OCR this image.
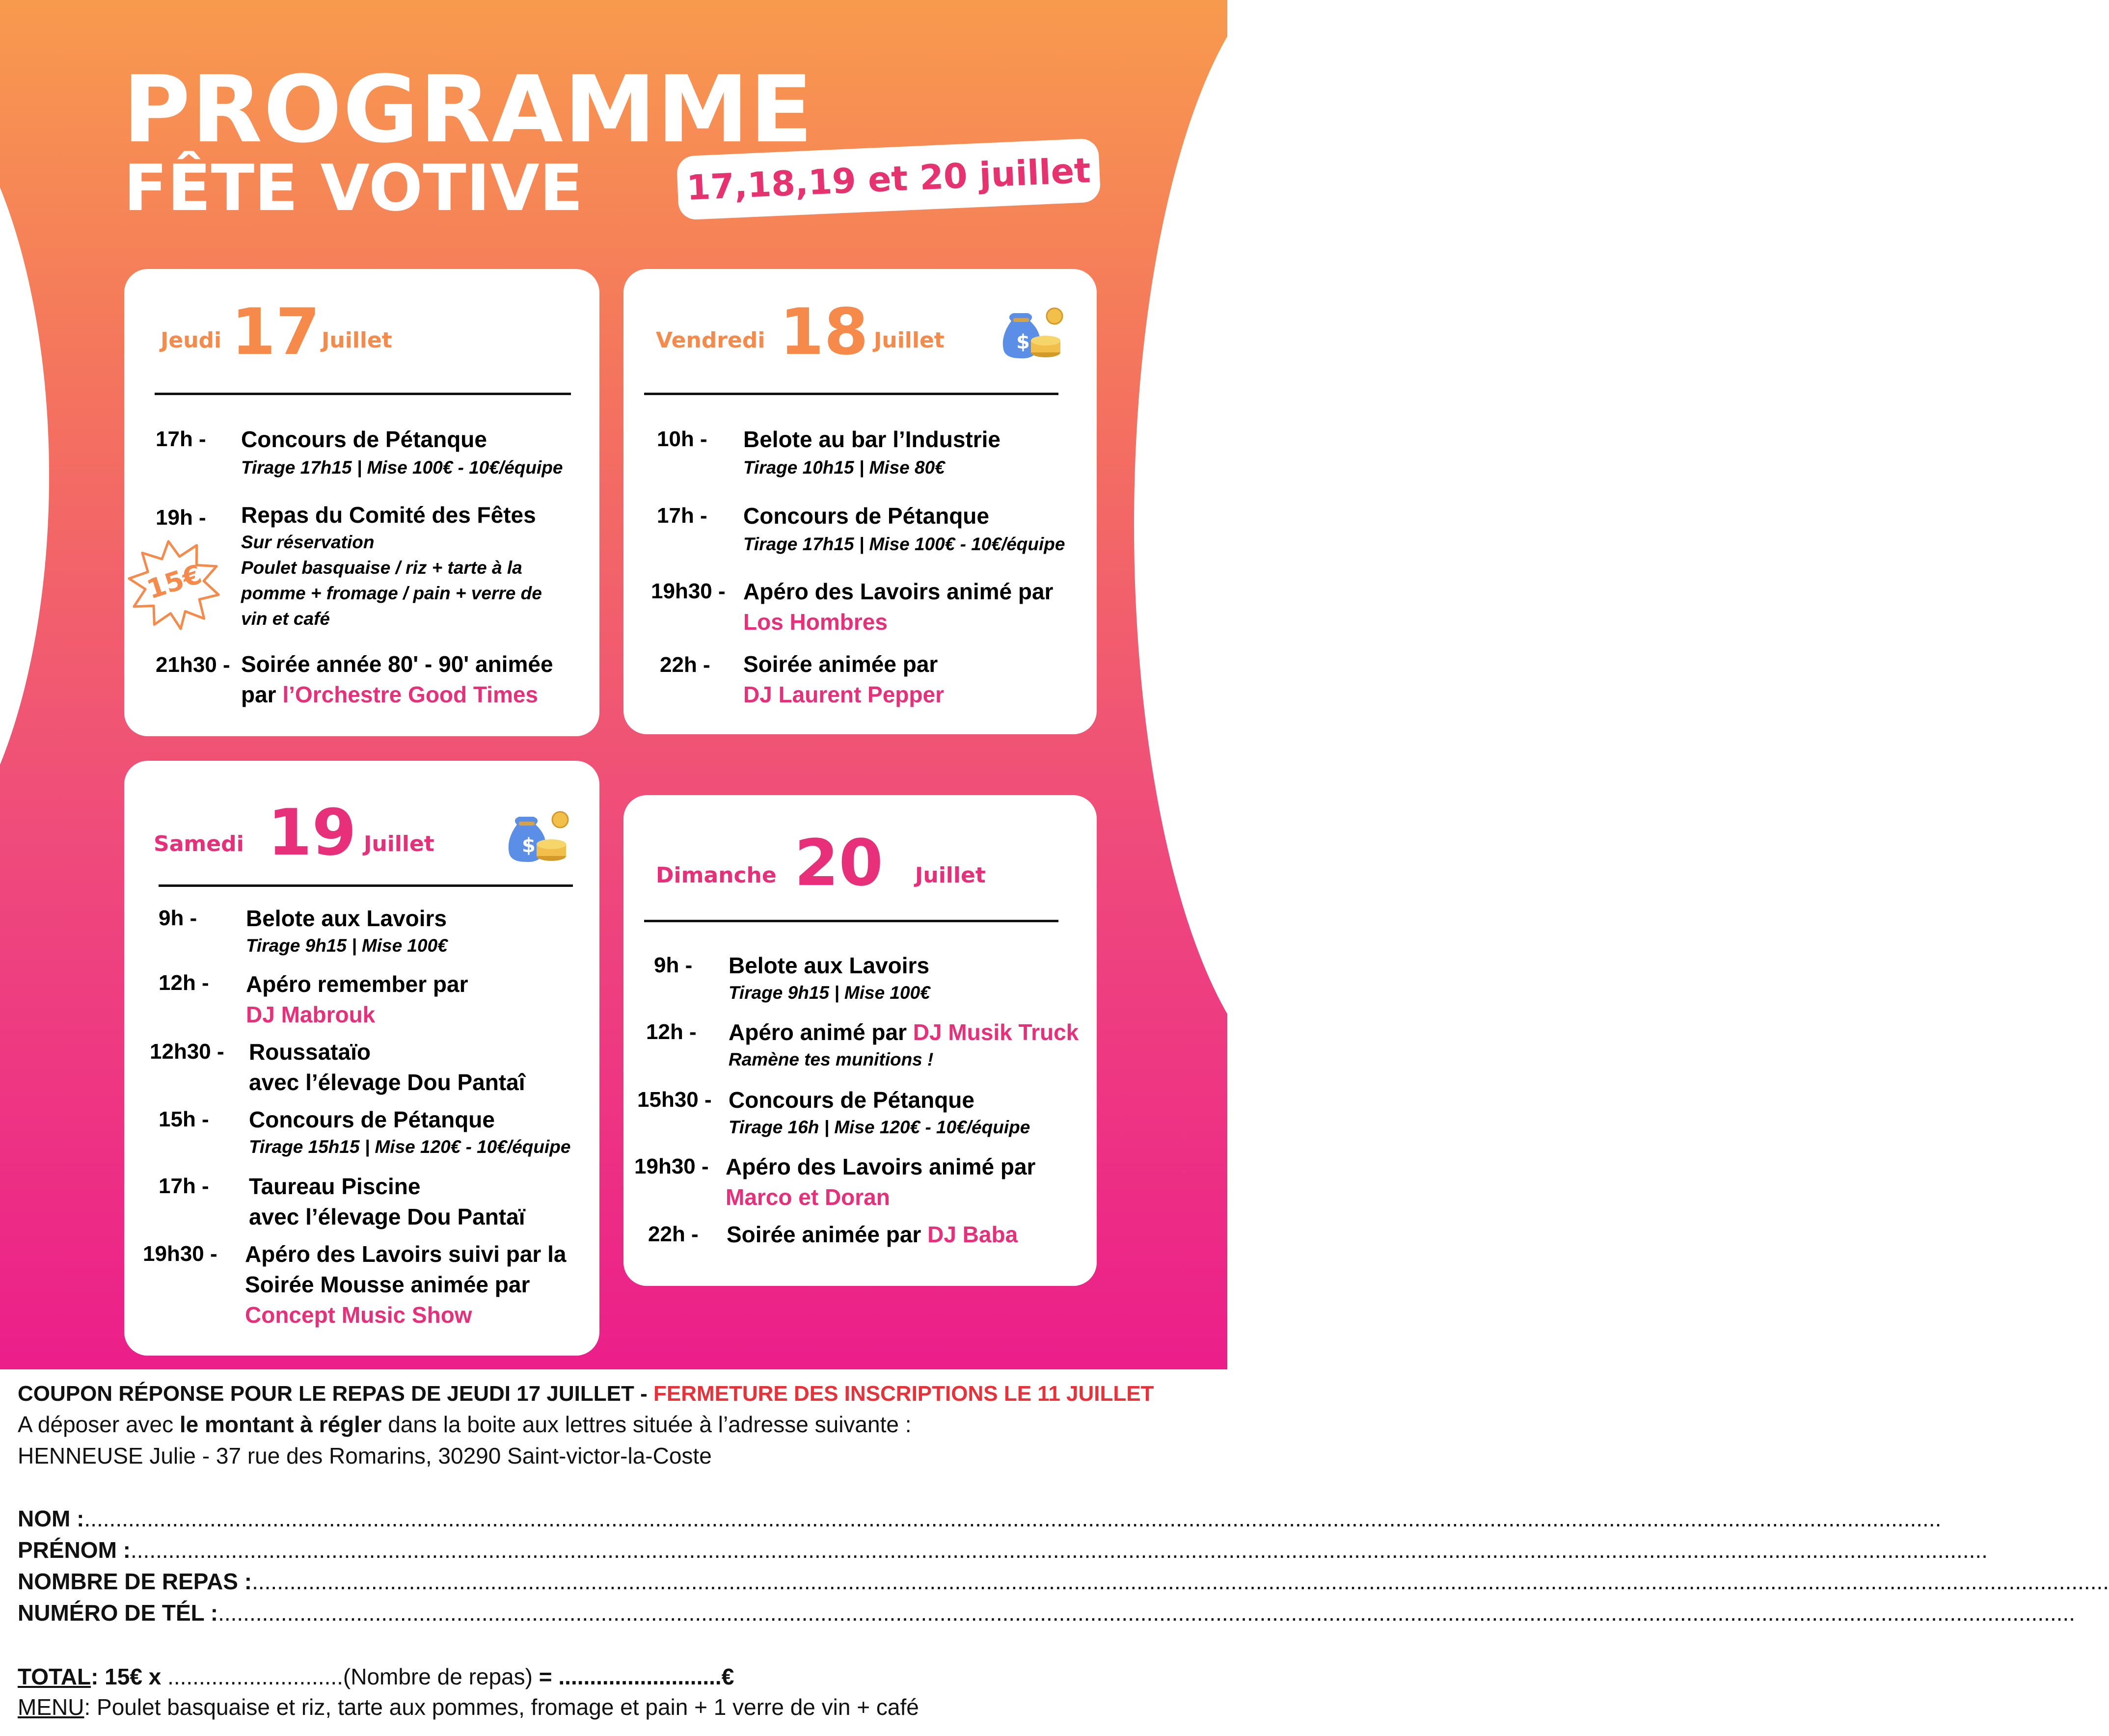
PROGRAMME
FÊTE VOTIVE	17,18,19 et 20 juillet
Jeudi 17 Juillet
17h - Concours de Pétanque
Tirage 17h15 | Mise 100€ - 10€/équipe
19h - Repas du Comité des Fêtes
Sur réservation
Poulet basquaise / riz + tarte à la
pomme + fromage / pain + verre de
vin et café
15€
21h30 - Soirée année 80' - 90' animée
par l’Orchestre Good Times
Vendredi 18 Juillet	$
10h - Belote au bar l’Industrie
Tirage 10h15 | Mise 80€
17h - Concours de Pétanque
Tirage 17h15 | Mise 100€ - 10€/équipe
19h30 - Apéro des Lavoirs animé par
Los Hombres
22h - Soirée animée par
DJ Laurent Pepper
Samedi 19 Juillet	$
9h - Belote aux Lavoirs
Tirage 9h15 | Mise 100€
12h - Apéro remember par
DJ Mabrouk
12h30 - Roussataïo
avec l’élevage Dou Pantaî
15h - Concours de Pétanque
Tirage 15h15 | Mise 120€ - 10€/équipe
17h - Taureau Piscine
avec l’élevage Dou Pantaï
19h30 - Apéro des Lavoirs suivi par la
Soirée Mousse animée par
Concept Music Show
Dimanche 20 Juillet
9h - Belote aux Lavoirs
Tirage 9h15 | Mise 100€
12h - Apéro animé par DJ Musik Truck
Ramène tes munitions !
15h30 - Concours de Pétanque
Tirage 16h | Mise 120€ - 10€/équipe
19h30 - Apéro des Lavoirs animé par
Marco et Doran
22h - Soirée animée par DJ Baba
COUPON RÉPONSE POUR LE REPAS DE JEUDI 17 JUILLET - FERMETURE DES INSCRIPTIONS LE 11 JUILLET
A déposer avec le montant à régler dans la boite aux lettres située à l’adresse suivante :
HENNEUSE Julie - 37 rue des Romarins, 30290 Saint-victor-la-Coste
NOM :........................................................................................................................................................................................................................................................................................................
PRÉNOM :........................................................................................................................................................................................................................................................................................................
NOMBRE DE REPAS :........................................................................................................................................................................................................................................................................................................
NUMÉRO DE TÉL :........................................................................................................................................................................................................................................................................................................
TOTAL: 15€ x ............................(Nombre de repas) = ..........................€
MENU: Poulet basquaise et riz, tarte aux pommes, fromage et pain + 1 verre de vin + café
